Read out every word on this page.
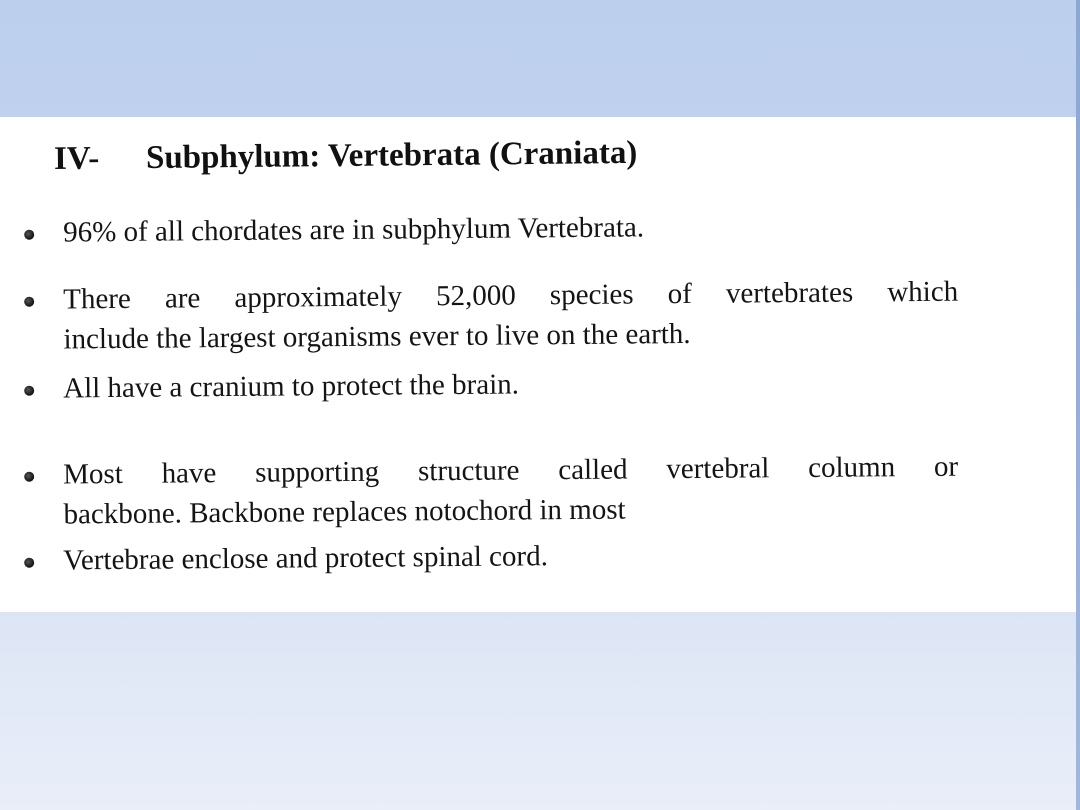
IV- Subphylum: Vertebrata (Craniata)
96% of all chordates are in subphylum Vertebrata.
There are approximately 52,000 species of vertebrates which
include the largest organisms ever to live on the earth.
All have a cranium to protect the brain.
Most have supporting structure called vertebral column or
backbone. Backbone replaces notochord in most
Vertebrae enclose and protect spinal cord.
